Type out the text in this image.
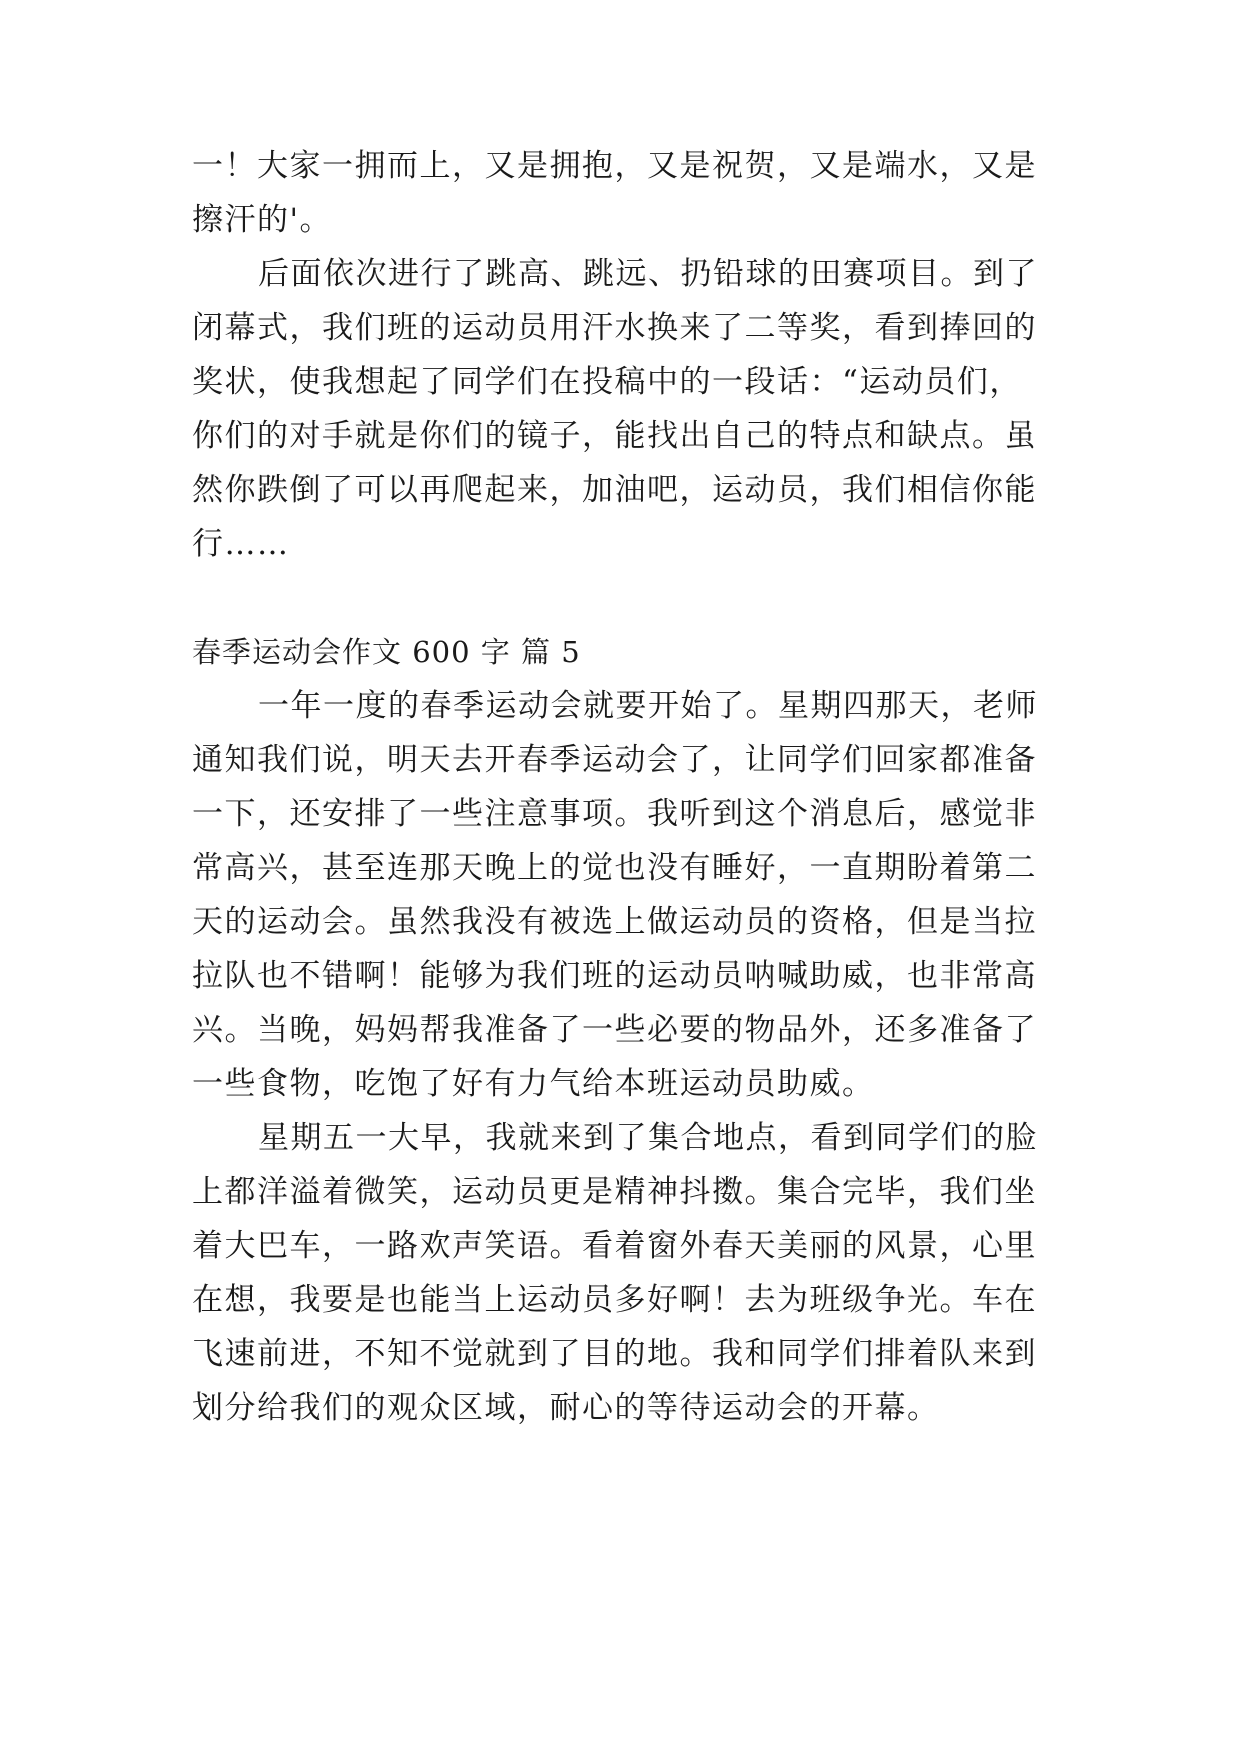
一！大家一拥而上，又是拥抱，又是祝贺，又是端水，又是
擦汗的'。
后面依次进行了跳高、跳远、扔铅球的田赛项目。到了
闭幕式，我们班的运动员用汗水换来了二等奖，看到捧回的
奖状，使我想起了同学们在投稿中的一段话：“运动员们，
你们的对手就是你们的镜子，能找出自己的特点和缺点。虽
然你跌倒了可以再爬起来，加油吧，运动员，我们相信你能
行……
春季运动会作文 600 字 篇 5
一年一度的春季运动会就要开始了。星期四那天，老师
通知我们说，明天去开春季运动会了，让同学们回家都准备
一下，还安排了一些注意事项。我听到这个消息后，感觉非
常高兴，甚至连那天晚上的觉也没有睡好，一直期盼着第二
天的运动会。虽然我没有被选上做运动员的资格，但是当拉
拉队也不错啊！能够为我们班的运动员呐喊助威，也非常高
兴。当晚，妈妈帮我准备了一些必要的物品外，还多准备了
一些食物，吃饱了好有力气给本班运动员助威。
星期五一大早，我就来到了集合地点，看到同学们的脸
上都洋溢着微笑，运动员更是精神抖擞。集合完毕，我们坐
着大巴车，一路欢声笑语。看着窗外春天美丽的风景，心里
在想，我要是也能当上运动员多好啊！去为班级争光。车在
飞速前进，不知不觉就到了目的地。我和同学们排着队来到
划分给我们的观众区域，耐心的等待运动会的开幕。
